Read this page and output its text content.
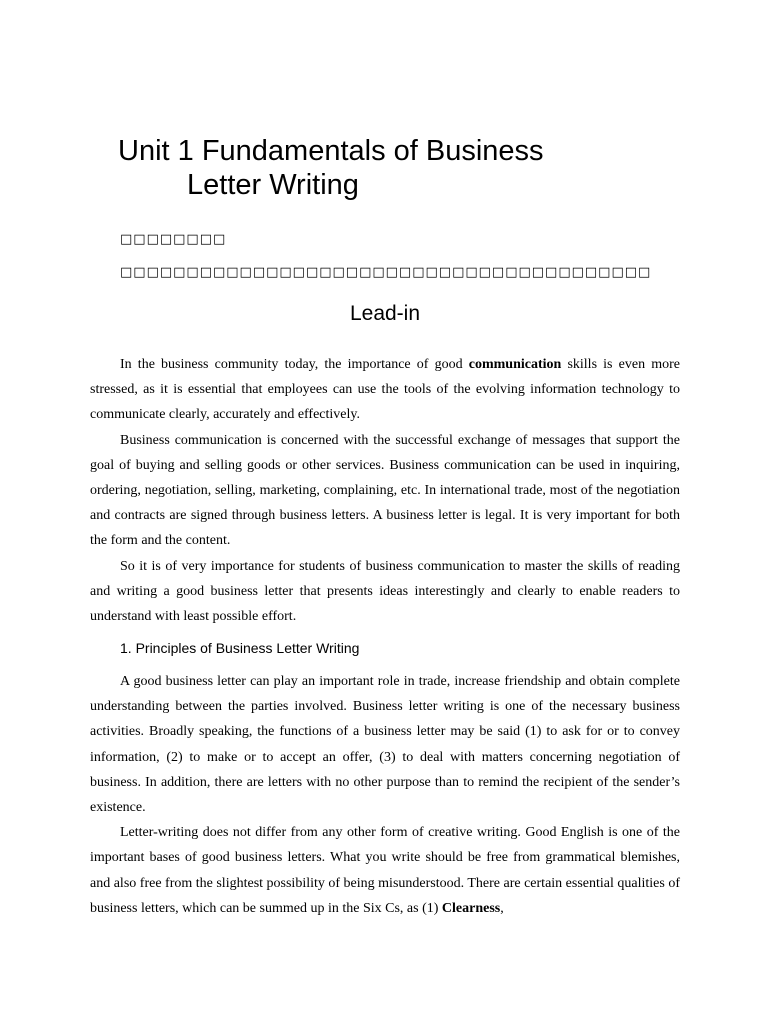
Unit 1 Fundamentals of Business
Letter Writing
□□□□□□□□
□□□□□□□□□□□□□□□□□□□□□□□□□□□□□□□□□□□□□□□□
Lead-in

In the business community today, the importance of good communication skills is even more stressed, as it is essential that employees can use the tools of the evolving information technology to communicate clearly, accurately and effectively.

Business communication is concerned with the successful exchange of messages that support the goal of buying and selling goods or other services. Business communication can be used in inquiring, ordering, negotiation, selling, marketing, complaining, etc. In international trade, most of the negotiation and contracts are signed through business letters. A business letter is legal. It is very important for both the form and the content.

So it is of very importance for students of business communication to master the skills of reading and writing a good business letter that presents ideas interestingly and clearly to enable readers to understand with least possible effort.

1. Principles of Business Letter Writing

A good business letter can play an important role in trade, increase friendship and obtain complete understanding between the parties involved. Business letter writing is one of the necessary business activities. Broadly speaking, the functions of a business letter may be said (1) to ask for or to convey information, (2) to make or to accept an offer, (3) to deal with matters concerning negotiation of business. In addition, there are letters with no other purpose than to remind the recipient of the sender’s existence.

Letter-writing does not differ from any other form of creative writing. Good English is one of the important bases of good business letters. What you write should be free from grammatical blemishes, and also free from the slightest possibility of being misunderstood. There are certain essential qualities of business letters, which can be summed up in the Six Cs, as (1) Clearness,
